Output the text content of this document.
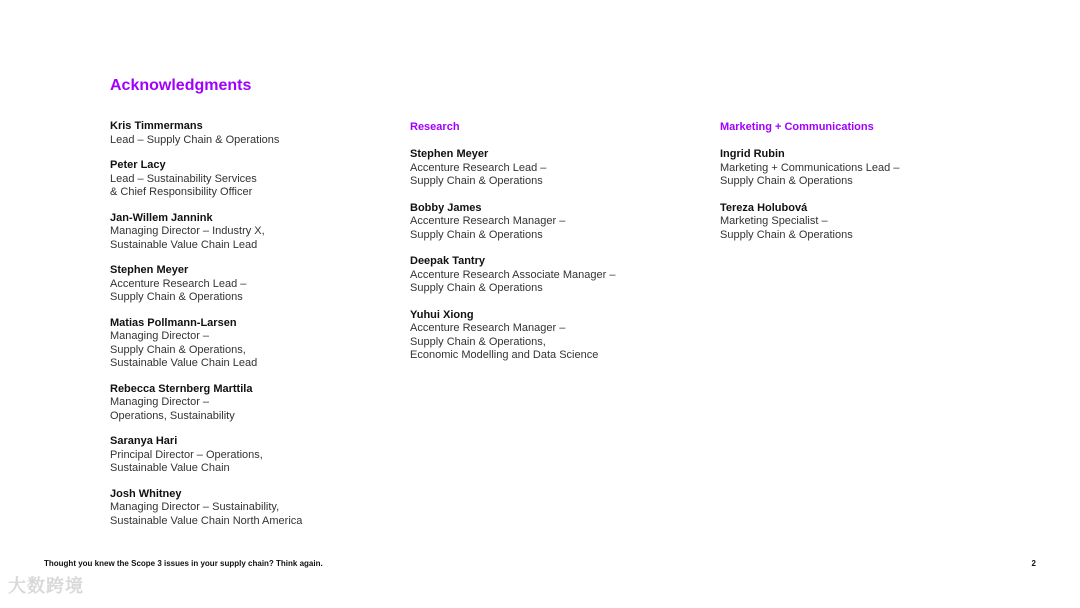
Acknowledgments
Kris Timmermans
Lead – Supply Chain & Operations
Peter Lacy
Lead – Sustainability Services
& Chief Responsibility Officer
Jan-Willem Jannink
Managing Director – Industry X,
Sustainable Value Chain Lead
Stephen Meyer
Accenture Research Lead –
Supply Chain & Operations
Matias Pollmann-Larsen
Managing Director –
Supply Chain & Operations,
Sustainable Value Chain Lead
Rebecca Sternberg Marttila
Managing Director –
Operations, Sustainability
Saranya Hari
Principal Director – Operations,
Sustainable Value Chain
Josh Whitney
Managing Director – Sustainability,
Sustainable Value Chain North America
Research
Stephen Meyer
Accenture Research Lead –
Supply Chain & Operations
Bobby James
Accenture Research Manager –
Supply Chain & Operations
Deepak Tantry
Accenture Research Associate Manager –
Supply Chain & Operations
Yuhui Xiong
Accenture Research Manager –
Supply Chain & Operations,
Economic Modelling and Data Science
Marketing + Communications
Ingrid Rubin
Marketing + Communications Lead –
Supply Chain & Operations
Tereza Holubová
Marketing Specialist –
Supply Chain & Operations
Thought you knew the Scope 3 issues in your supply chain? Think again.	2
大数跨境
